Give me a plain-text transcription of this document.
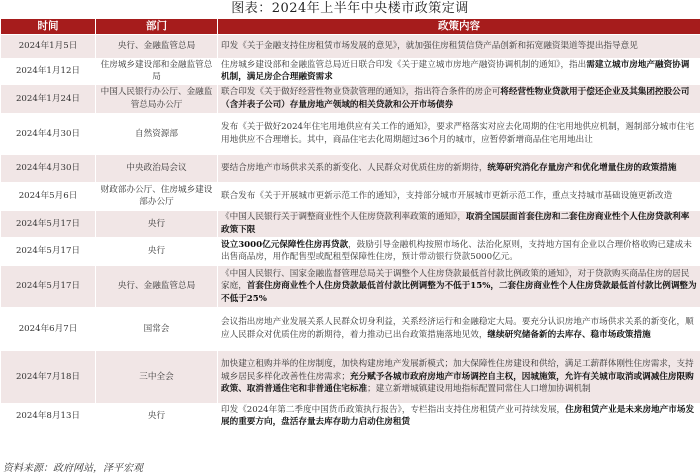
图表：2024年上半年中央楼市政策定调
时间	部门	政策内容
2024年1月5日	央行、金融监管总局	印发《关于金融支持住房租赁市场发展的意见》，就加强住房租赁信贷产品创新和拓宽融资渠道等提出指导意见
2024年1月12日	住房城乡建设部和金融监管总局	住房城乡建设部和金融监管总局近日联合印发《关于建立城市房地产融资协调机制的通知》，指出需建立城市房地产融资协调机制，满足房企合理融资需求
2024年1月24日	中国人民银行办公厅、金融监管总局办公厅	联合印发《关于做好经营性物业贷款管理的通知》，指出符合条件的房企可将经营性物业贷款用于偿还企业及其集团控股公司（含并表子公司）存量房地产领域的相关贷款和公开市场债券
2024年4月30日	自然资源部	发布《关于做好2024年住宅用地供应有关工作的通知》，要求严格落实对应去化周期的住宅用地供应机制，遏制部分城市住宅用地供应不合理增长。其中，商品住宅去化周期超过36个月的城市，应暂停新增商品住宅用地出让
2024年4月30日	中央政治局会议	要结合房地产市场供求关系的新变化、人民群众对优质住房的新期待，统筹研究消化存量房产和优化增量住房的政策措施
2024年5月6日	财政部办公厅、住房城乡建设部办公厅	联合发布《关于开展城市更新示范工作的通知》，支持部分城市开展城市更新示范工作，重点支持城市基础设施更新改造
2024年5月17日	央行	《中国人民银行关于调整商业性个人住房贷款利率政策的通知》，取消全国层面首套住房和二套住房商业性个人住房贷款利率政策下限
2024年5月17日	央行	设立3000亿元保障性住房再贷款，鼓励引导金融机构按照市场化、法治化原则，支持地方国有企业以合理价格收购已建成未出售商品房，用作配售型或配租型保障性住房，预计带动银行贷款5000亿元。
2024年5月17日	央行、金融监管总局	《中国人民银行、国家金融监督管理总局关于调整个人住房贷款最低首付款比例政策的通知》，对于贷款购买商品住房的居民家庭，首套住房商业性个人住房贷款最低首付款比例调整为不低于15%，二套住房商业性个人住房贷款最低首付款比例调整为不低于25%
2024年6月7日	国常会	会议指出房地产业发展关系人民群众切身利益，关系经济运行和金融稳定大局。要充分认识房地产市场供求关系的新变化，顺应人民群众对优质住房的新期待，着力推动已出台政策措施落地见效，继续研究储备新的去库存、稳市场政策措施
2024年7月18日	三中全会	加快建立租购并举的住房制度，加快构建房地产发展新模式；加大保障性住房建设和供给，满足工薪群体刚性住房需求，支持城乡居民多样化改善性住房需求；充分赋予各城市政府房地产市场调控自主权，因城施策，允许有关城市取消或调减住房限购政策、取消普通住宅和非普通住宅标准；建立新增城镇建设用地指标配置同常住人口增加协调机制
2024年8月13日	央行	印发《2024年第二季度中国货币政策执行报告》，专栏指出支持住房租赁产业可持续发展，住房租赁产业是未来房地产市场发展的重要方向，盘活存量去库存助力启动住房租赁
资料来源：政府网站，泽平宏观
